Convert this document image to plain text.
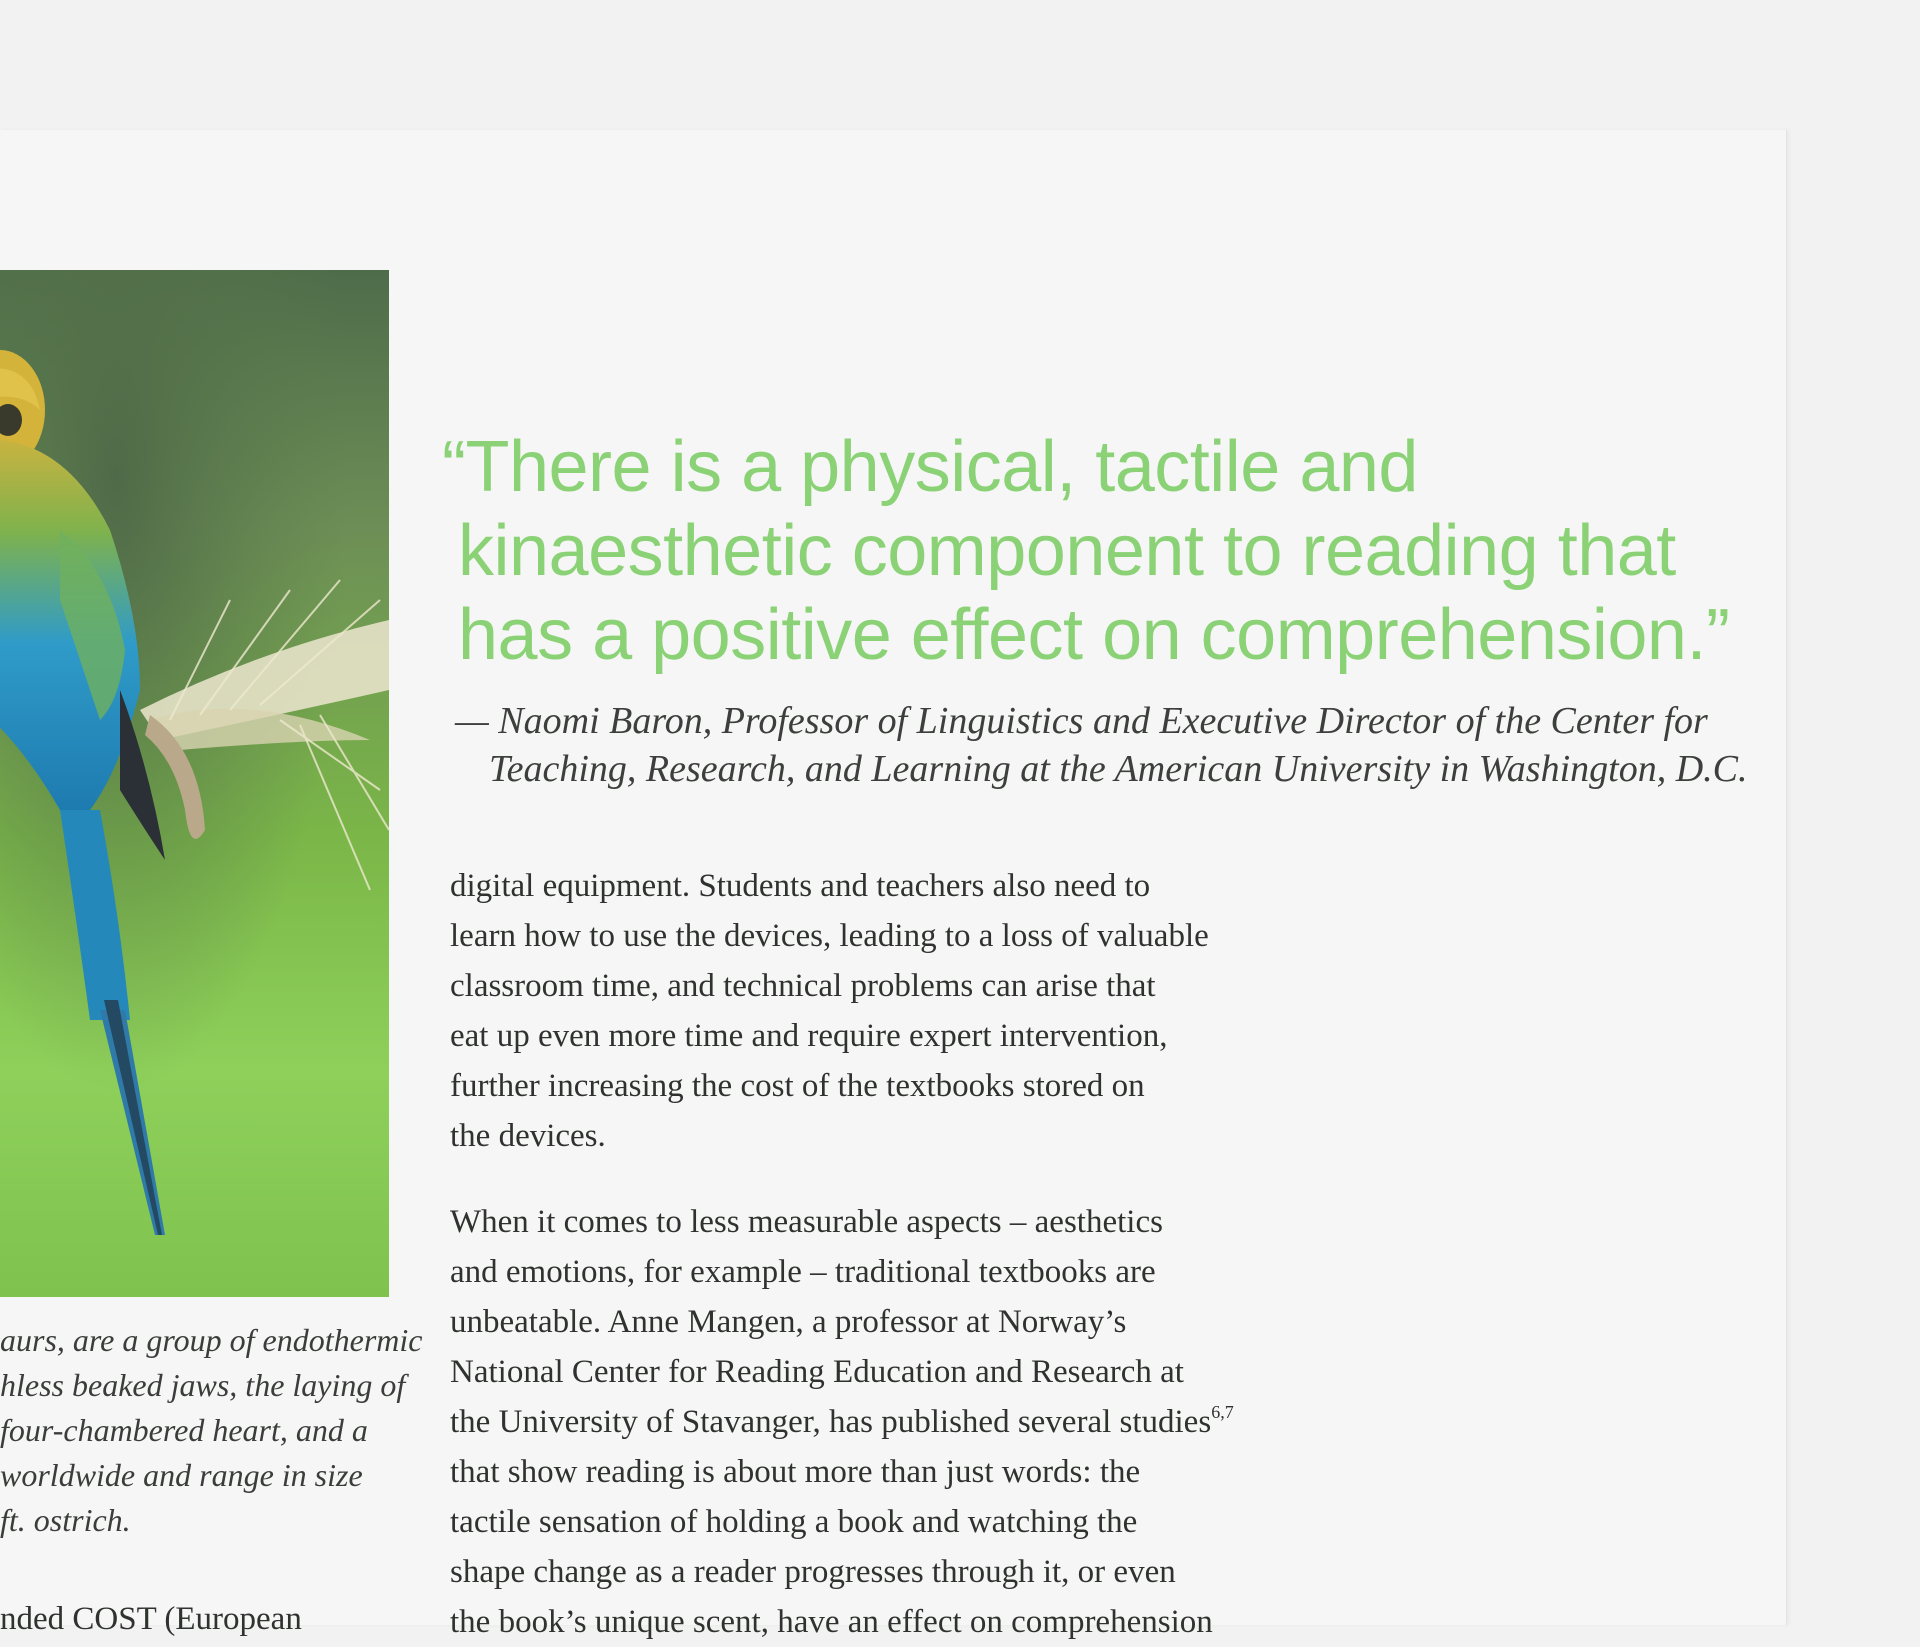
“There is a physical, tactile and
kinaesthetic component to reading that
has a positive effect on comprehension.”
— Naomi Baron, Professor of Linguistics and Executive Director of the Center for
Teaching, Research, and Learning at the American University in Washington, D.C.
digital equipment. Students and teachers also need to
learn how to use the devices, leading to a loss of valuable
classroom time, and technical problems can arise that
eat up even more time and require expert intervention,
further increasing the cost of the textbooks stored on
the devices.
When it comes to less measurable aspects – aesthetics
and emotions, for example – traditional textbooks are
unbeatable. Anne Mangen, a professor at Norway’s
National Center for Reading Education and Research at
the University of Stavanger, has published several studies$^{6,7}$
that show reading is about more than just words: the
tactile sensation of holding a book and watching the
shape change as a reader progresses through it, or even
the book’s unique scent, have an effect on comprehension
aurs, are a group of endothermic
hless beaked jaws, the laying of
four-chambered heart, and a
worldwide and range in size
ft. ostrich.
nded COST (European
